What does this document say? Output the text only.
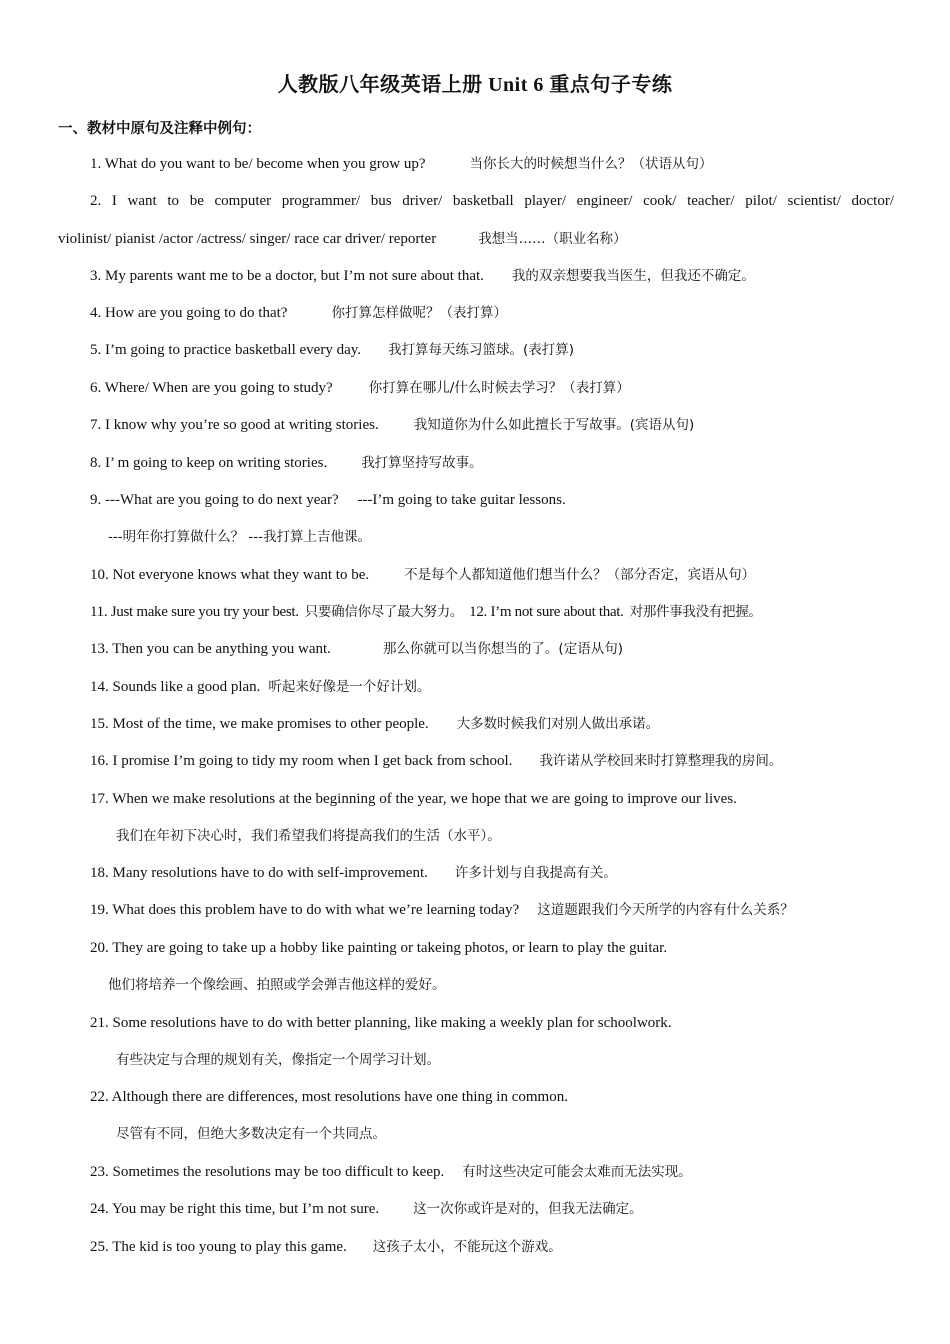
人教版八年级英语上册 Unit 6 重点句子专练
一、教材中原句及注释中例句：
1. What do you want to be/ become when you grow up?	当你长大的时候想当什么？（状语从句）
2. I want to be computer programmer/ bus driver/ basketball player/ engineer/ cook/ teacher/ pilot/ scientist/ doctor/
violinist/ pianist /actor /actress/ singer/ race car driver/ reporter	我想当……（职业名称）
3. My parents want me to be a doctor, but I’m not sure about that. 我的双亲想要我当医生，但我还不确定。
4. How are you going to do that?	你打算怎样做呢？（表打算）
5. I’m going to practice basketball every day. 我打算每天练习篮球。(表打算)
6. Where/ When are you going to study?	你打算在哪儿/什么时候去学习？（表打算）
7. I know why you’re so good at writing stories.	我知道你为什么如此擅长于写故事。(宾语从句)
8. I’ m going to keep on writing stories.	我打算坚持写故事。
9. ---What are you going to do next year?　 ---I’m going to take guitar lessons.
---明年你打算做什么？ ---我打算上吉他课。
10. Not everyone knows what they want to be.	不是每个人都知道他们想当什么？（部分否定，宾语从句）
11. Just make sure you try your best. 只要确信你尽了最大努力。 12. I’m not sure about that. 对那件事我没有把握。
13. Then you can be anything you want.	那么你就可以当你想当的了。(定语从句)
14. Sounds like a good plan. 听起来好像是一个好计划。
15. Most of the time, we make promises to other people. 大多数时候我们对别人做出承诺。
16. I promise I’m going to tidy my room when I get back from school. 我许诺从学校回来时打算整理我的房间。
17. When we make resolutions at the beginning of the year, we hope that we are going to improve our lives.
我们在年初下决心时，我们希望我们将提高我们的生活（水平）。
18. Many resolutions have to do with self-improvement. 许多计划与自我提高有关。
19. What does this problem have to do with what we’re learning today? 这道题跟我们今天所学的内容有什么关系？
20. They are going to take up a hobby like painting or takeing photos, or learn to play the guitar.
他们将培养一个像绘画、拍照或学会弹吉他这样的爱好。
21. Some resolutions have to do with better planning, like making a weekly plan for schoolwork.
有些决定与合理的规划有关，像指定一个周学习计划。
22. Although there are differences, most resolutions have one thing in common.
尽管有不同，但绝大多数决定有一个共同点。
23. Sometimes the resolutions may be too difficult to keep. 有时这些决定可能会太难而无法实现。
24. You may be right this time, but I’m not sure.	这一次你或许是对的，但我无法确定。
25. The kid is too young to play this game. 这孩子太小，不能玩这个游戏。
